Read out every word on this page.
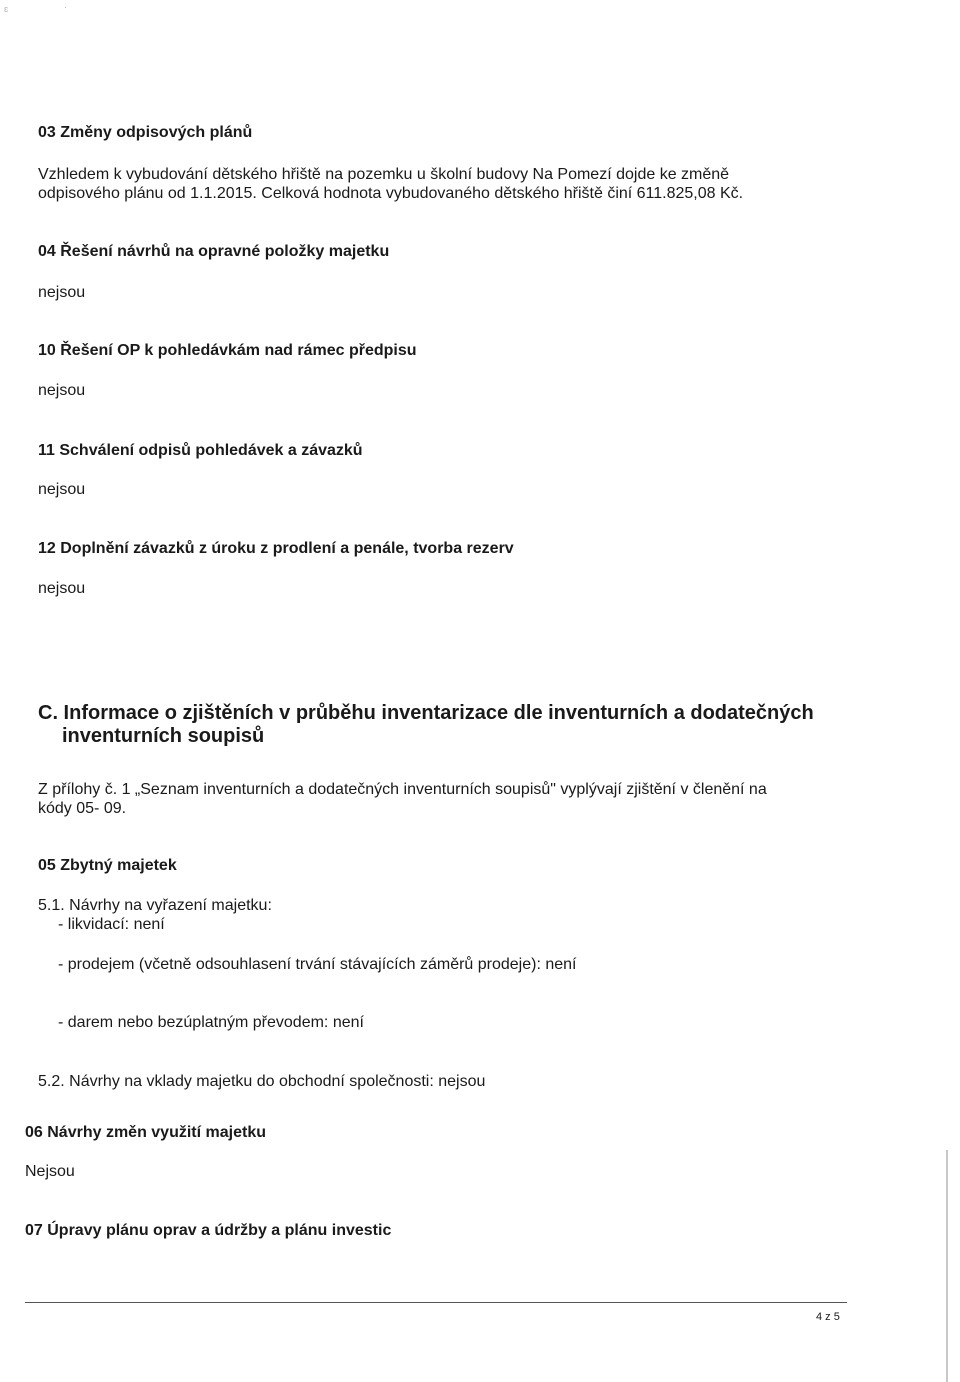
ɛ	·
03 Změny odpisových plánů
Vzhledem k vybudování dětského hřiště na pozemku u školní budovy Na Pomezí dojde ke změně
odpisového plánu od 1.1.2015. Celková hodnota vybudovaného dětského hřiště činí 611.825,08 Kč.
04 Řešení návrhů na opravné položky majetku
nejsou
10 Řešení OP k pohledávkám nad rámec předpisu
nejsou
11 Schválení odpisů pohledávek a závazků
nejsou
12 Doplnění závazků z úroku z prodlení a penále, tvorba rezerv
nejsou
C. Informace o zjištěních v průběhu inventarizace dle inventurních a dodatečných
inventurních soupisů
Z přílohy č. 1 „Seznam inventurních a dodatečných inventurních soupisů" vyplývají zjištění v členění na
kódy 05- 09.
05 Zbytný majetek
5.1. Návrhy na vyřazení majetku:
- likvidací: není
- prodejem (včetně odsouhlasení trvání stávajících záměrů prodeje): není
- darem nebo bezúplatným převodem: není
5.2. Návrhy na vklady majetku do obchodní společnosti: nejsou
06 Návrhy změn využití majetku
Nejsou
07 Úpravy plánu oprav a údržby a plánu investic
4 z 5
